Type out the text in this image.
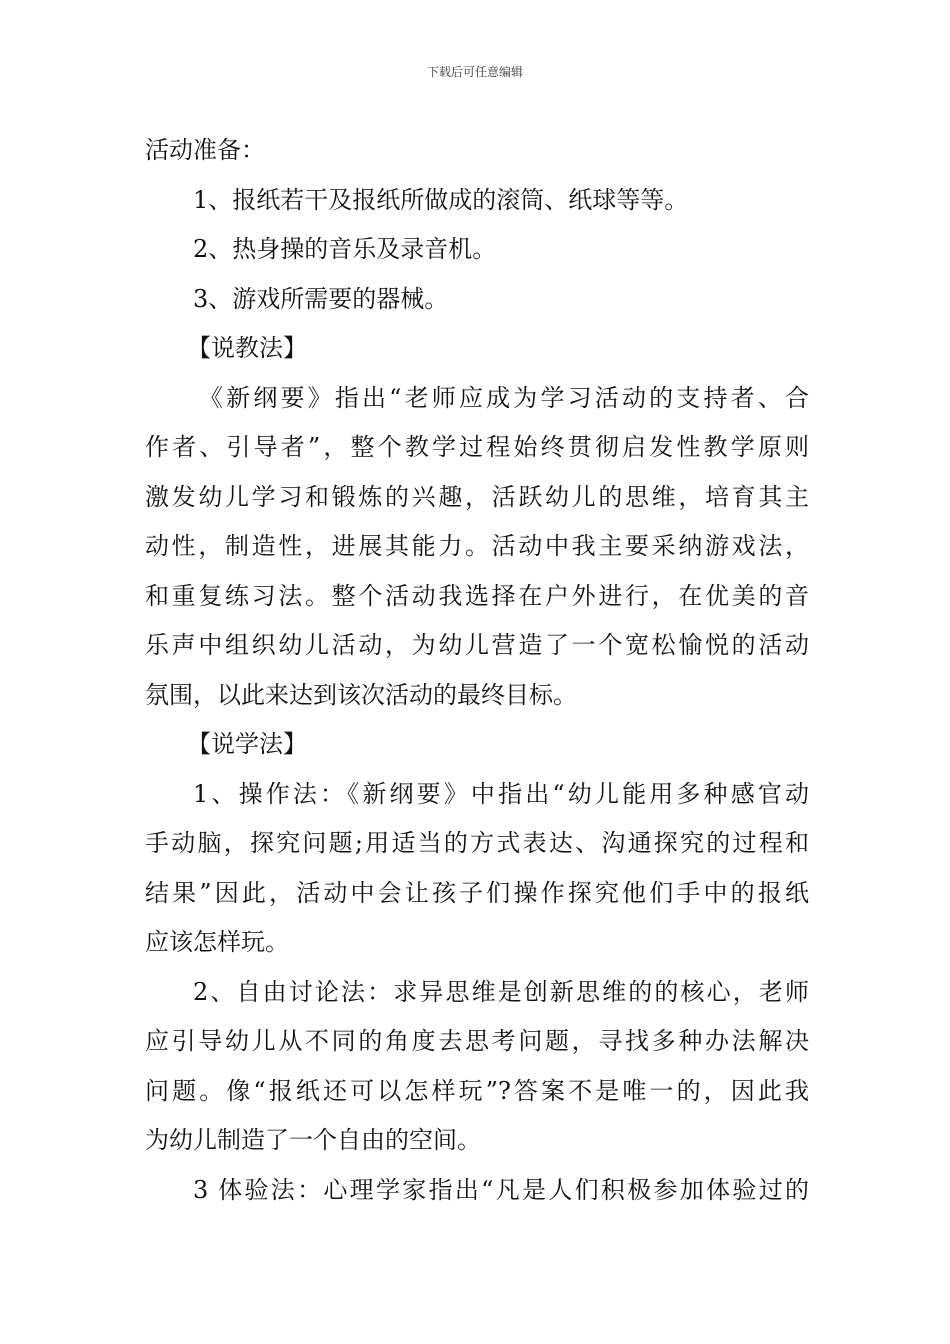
下载后可任意编辑
活动准备：
1、报纸若干及报纸所做成的滚筒、纸球等等。
2、热身操的音乐及录音机。
3、游戏所需要的器械。
【说教法】
《新纲要》指出“老师应成为学习活动的支持者、合
作者、引导者”，整个教学过程始终贯彻启发性教学原则
激发幼儿学习和锻炼的兴趣，活跃幼儿的思维，培育其主
动性，制造性，进展其能力。活动中我主要采纳游戏法，
和重复练习法。整个活动我选择在户外进行，在优美的音
乐声中组织幼儿活动，为幼儿营造了一个宽松愉悦的活动
氛围，以此来达到该次活动的最终目标。
【说学法】
1、操作法：《新纲要》中指出“幼儿能用多种感官动
手动脑，探究问题;用适当的方式表达、沟通探究的过程和
结果”因此，活动中会让孩子们操作探究他们手中的报纸
应该怎样玩。
2、自由讨论法：求异思维是创新思维的的核心，老师
应引导幼儿从不同的角度去思考问题，寻找多种办法解决
问题。像“报纸还可以怎样玩”?答案不是唯一的，因此我
为幼儿制造了一个自由的空间。
3 体验法：心理学家指出“凡是人们积极参加体验过的
